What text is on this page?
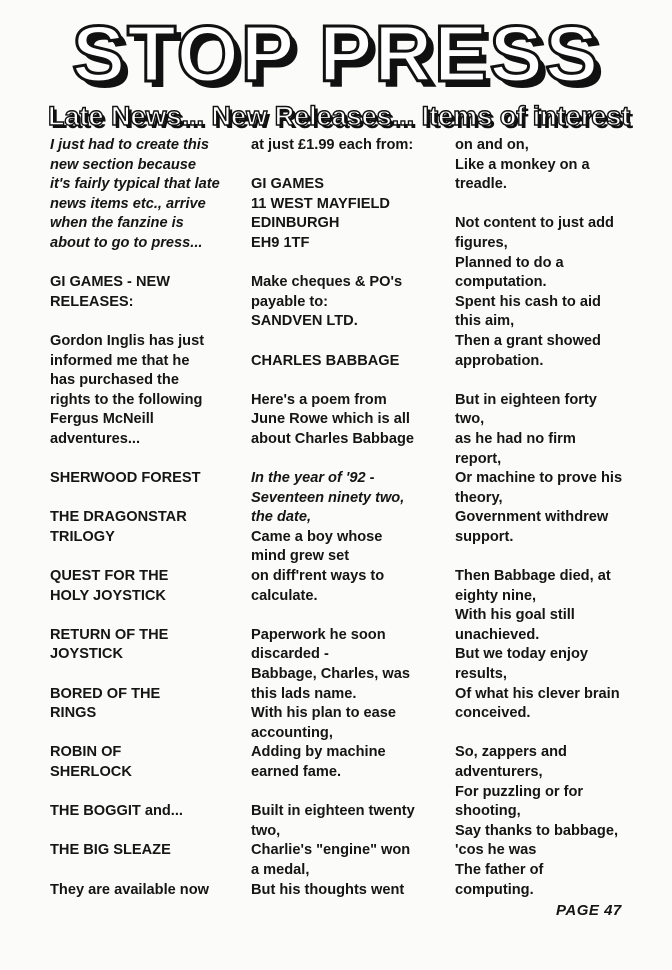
STOP PRESS
Late News... New Releases... Items of interest

I just had to create this
new section because
it's fairly typical that late
news items etc., arrive
when the fanzine is
about to go to press...

GI GAMES - NEW
RELEASES:

Gordon Inglis has just
informed me that he
has purchased the
rights to the following
Fergus McNeill
adventures...

SHERWOOD FOREST

THE DRAGONSTAR
TRILOGY

QUEST FOR THE
HOLY JOYSTICK

RETURN OF THE
JOYSTICK

BORED OF THE
RINGS

ROBIN OF
SHERLOCK

THE BOGGIT and...

THE BIG SLEAZE

They are available now

at just £1.99 each from:

GI GAMES
11 WEST MAYFIELD
EDINBURGH
EH9 1TF

Make cheques & PO's
payable to:
SANDVEN LTD.

CHARLES BABBAGE

Here's a poem from
June Rowe which is all
about Charles Babbage

In the year of '92 -
Seventeen ninety two,
the date,
Came a boy whose
mind grew set
on diff'rent ways to
calculate.

Paperwork he soon
discarded -
Babbage, Charles, was
this lads name.
With his plan to ease
accounting,
Adding by machine
earned fame.

Built in eighteen twenty
two,
Charlie's "engine" won
a medal,
But his thoughts went

on and on,
Like a monkey on a
treadle.

Not content to just add
figures,
Planned to do a
computation.
Spent his cash to aid
this aim,
Then a grant showed
approbation.

But in eighteen forty
two,
as he had no firm
report,
Or machine to prove his
theory,
Government withdrew
support.

Then Babbage died, at
eighty nine,
With his goal still
unachieved.
But we today enjoy
results,
Of what his clever brain
conceived.

So, zappers and
adventurers,
For puzzling or for
shooting,
Say thanks to babbage,
'cos he was
The father of
computing.

PAGE 47
